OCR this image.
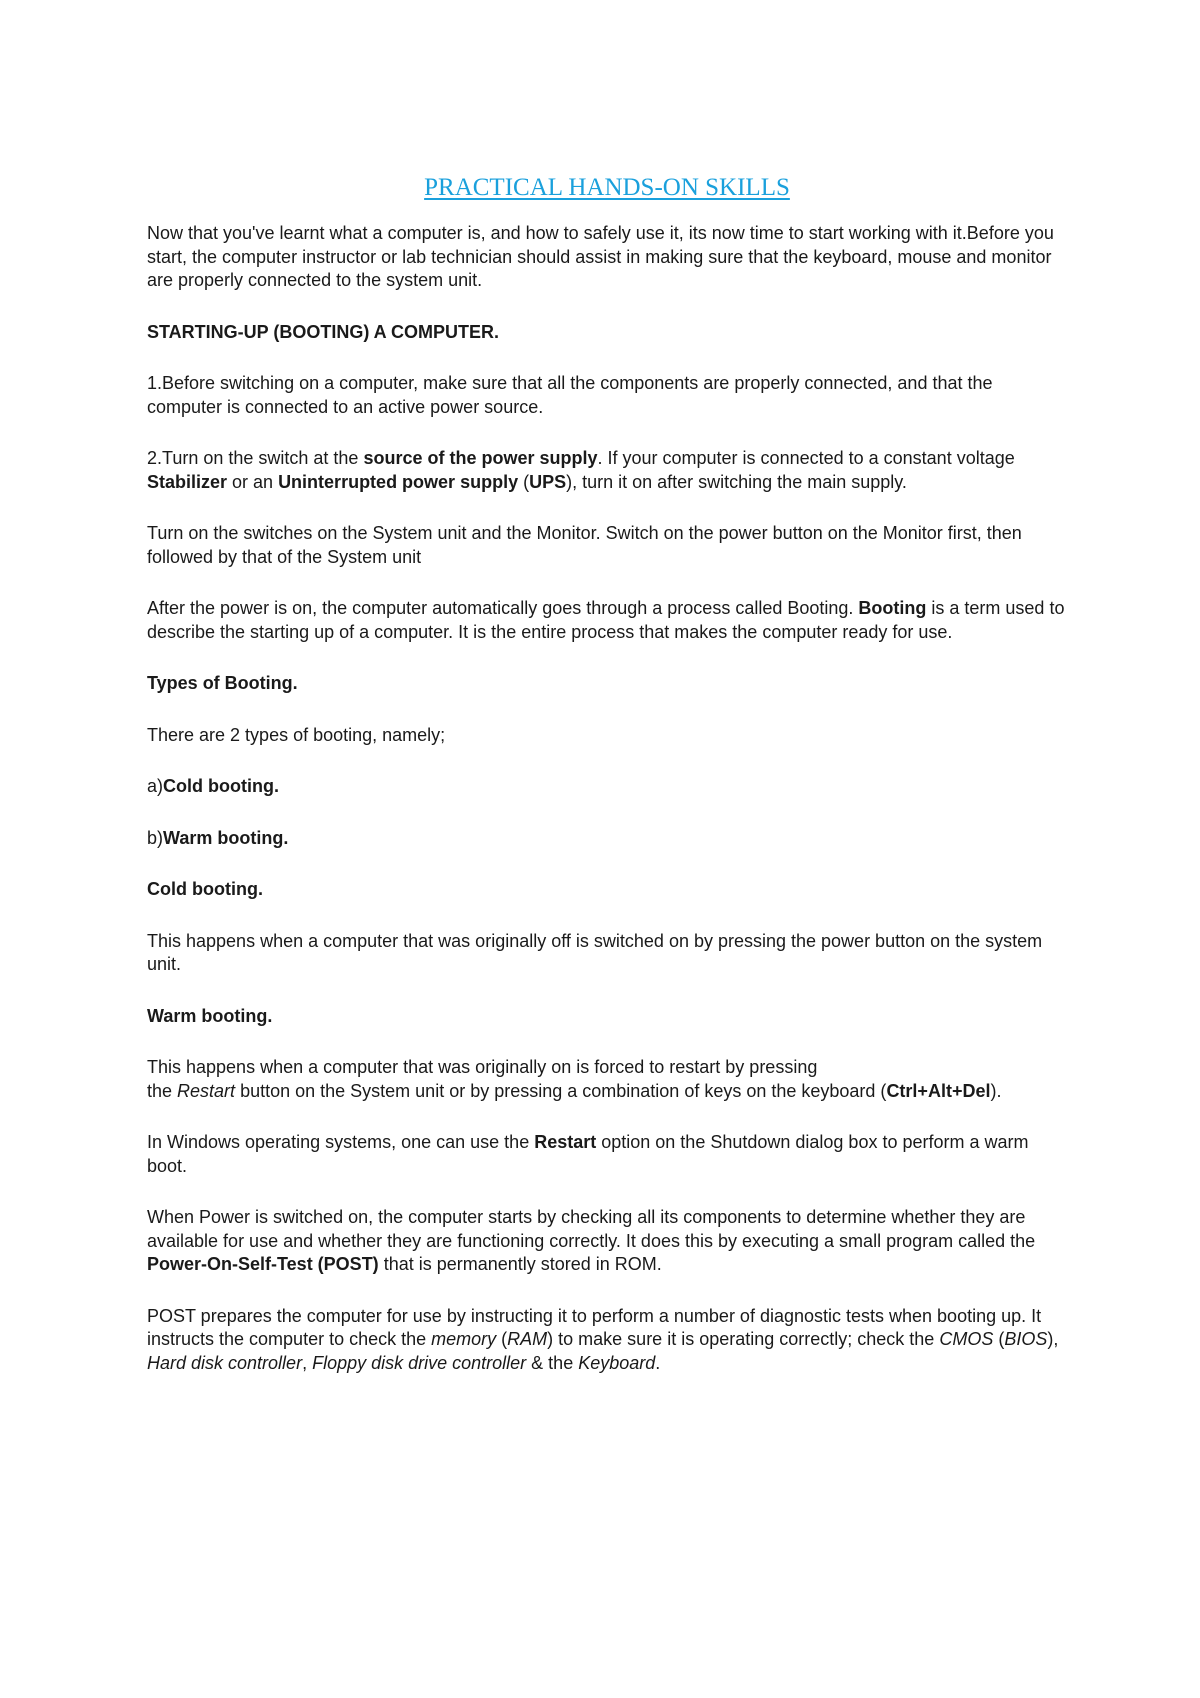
PRACTICAL HANDS-ON SKILLS

Now that you've learnt what a computer is, and how to safely use it, its now time to start working with it.Before you start, the computer instructor or lab technician should assist in making sure that the keyboard, mouse and monitor are properly connected to the system unit.

STARTING-UP (BOOTING) A COMPUTER.

1.Before switching on a computer, make sure that all the components are properly connected, and that the computer is connected to an active power source.

2.Turn on the switch at the source of the power supply. If your computer is connected to a constant voltage Stabilizer or an Uninterrupted power supply (UPS), turn it on after switching the main supply.

Turn on the switches on the System unit and the Monitor. Switch on the power button on the Monitor first, then followed by that of the System unit

After the power is on, the computer automatically goes through a process called Booting. Booting is a term used to describe the starting up of a computer. It is the entire process that makes the computer ready for use.

Types of Booting.

There are 2 types of booting, namely;

a)Cold booting.

b)Warm booting.

Cold booting.

This happens when a computer that was originally off is switched on by pressing the power button on the system unit.

Warm booting.

This happens when a computer that was originally on is forced to restart by pressing
the Restart button on the System unit or by pressing a combination of keys on the keyboard (Ctrl+Alt+Del).

In Windows operating systems, one can use the Restart option on the Shutdown dialog box to perform a warm boot.

When Power is switched on, the computer starts by checking all its components to determine whether they are available for use and whether they are functioning correctly. It does this by executing a small program called the Power-On-Self-Test (POST) that is permanently stored in ROM.

POST prepares the computer for use by instructing it to perform a number of diagnostic tests when booting up. It instructs the computer to check the memory (RAM) to make sure it is operating correctly; check the CMOS (BIOS), Hard disk controller, Floppy disk drive controller & the Keyboard.
